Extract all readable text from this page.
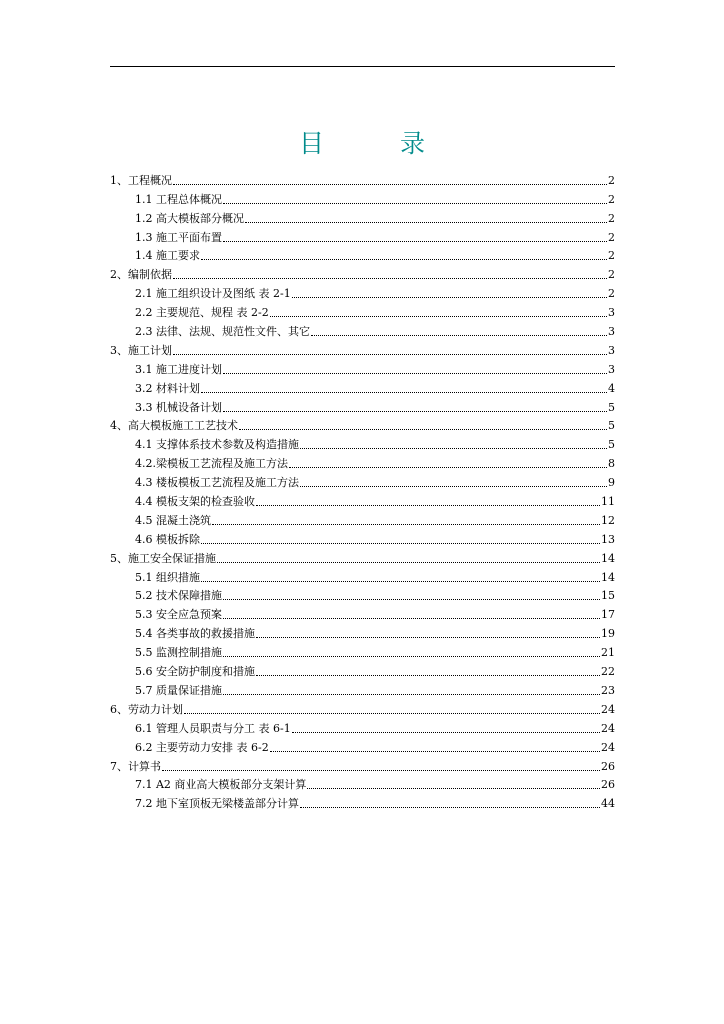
目 录
1、工程概况	2
1.1 工程总体概况	2
1.2 高大模板部分概况	2
1.3 施工平面布置	2
1.4 施工要求	2
2、编制依据	2
2.1 施工组织设计及图纸 表 2-1	2
2.2 主要规范、规程 表 2-2	3
2.3 法律、法规、规范性文件、其它	3
3、施工计划	3
3.1 施工进度计划	3
3.2 材料计划	4
3.3 机械设备计划	5
4、高大模板施工工艺技术	5
4.1 支撑体系技术参数及构造措施	5
4.2.梁模板工艺流程及施工方法	8
4.3 楼板模板工艺流程及施工方法	9
4.4 模板支架的检查验收	11
4.5 混凝土浇筑	12
4.6 模板拆除	13
5、施工安全保证措施	14
5.1 组织措施	14
5.2 技术保障措施	15
5.3 安全应急预案	17
5.4 各类事故的救援措施	19
5.5 监测控制措施	21
5.6 安全防护制度和措施	22
5.7 质量保证措施	23
6、劳动力计划	24
6.1 管理人员职责与分工 表 6-1	24
6.2 主要劳动力安排 表 6-2	24
7、计算书	26
7.1 A2 商业高大模板部分支架计算	26
7.2 地下室顶板无梁楼盖部分计算	44
